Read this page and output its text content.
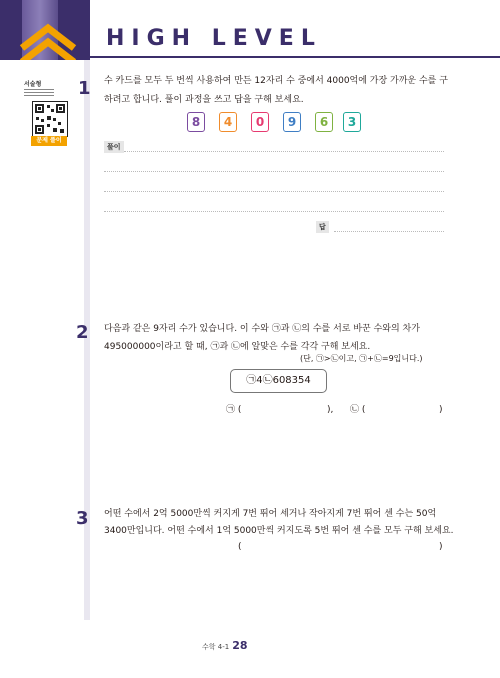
HIGH LEVEL
서술형
문제 풀이
1 수 카드를 모두 두 번씩 사용하여 만든 12자리 수 중에서 4000억에 가장 가까운 수를 구
하려고 합니다. 풀이 과정을 쓰고 답을 구해 보세요.
8	4	0	9	6	3
풀이
답
2 다음과 같은 9자리 수가 있습니다. 이 수와 ㉠과 ㉡의 수를 서로 바꾼 수와의 차가
495000000이라고 할 때, ㉠과 ㉡에 알맞은 수를 각각 구해 보세요.
(단, ㉠>㉡이고, ㉠+㉡=9입니다.)
㉠4㉡608354
㉠ (	), ㉡ (	)
3 어떤 수에서 2억 5000만씩 커지게 7번 뛰어 세거나 작아지게 7번 뛰어 센 수는 50억
3400만입니다. 어떤 수에서 1억 5000만씩 커지도록 5번 뛰어 센 수를 모두 구해 보세요.
(	)
수학 4-1 28
